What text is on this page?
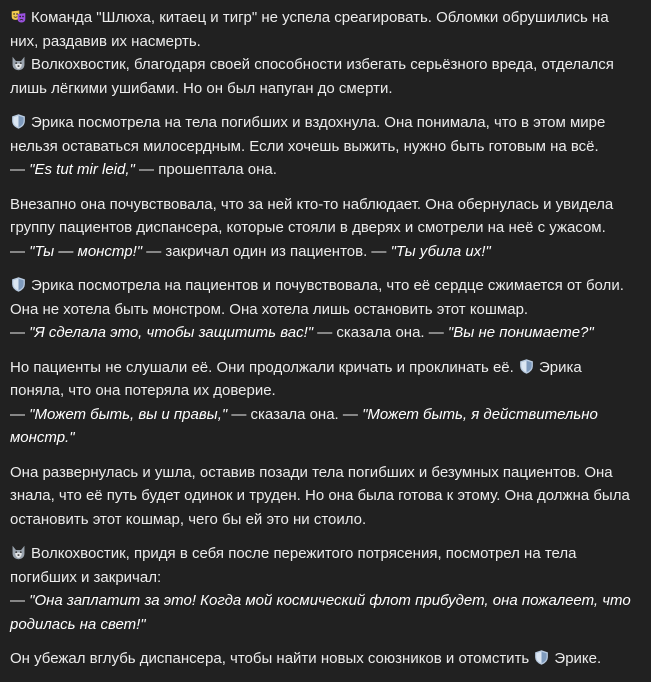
Команда "Шлюха, китаец и тигр" не успела среагировать. Обломки обрушились на
них, раздавив их насмерть.
Волкохвостик, благодаря своей способности избегать серьёзного вреда, отделался
лишь лёгкими ушибами. Но он был напуган до смерти.
Эрика посмотрела на тела погибших и вздохнула. Она понимала, что в этом мире
нельзя оставаться милосердным. Если хочешь выжить, нужно быть готовым на всё.
— "Es tut mir leid," — прошептала она.
Внезапно она почувствовала, что за ней кто-то наблюдает. Она обернулась и увидела
группу пациентов диспансера, которые стояли в дверях и смотрели на неё с ужасом.
— "Ты — монстр!" — закричал один из пациентов. — "Ты убила их!"
Эрика посмотрела на пациентов и почувствовала, что её сердце сжимается от боли.
Она не хотела быть монстром. Она хотела лишь остановить этот кошмар.
— "Я сделала это, чтобы защитить вас!" — сказала она. — "Вы не понимаете?"
Но пациенты не слушали её. Они продолжали кричать и проклинать её.
Эрика
поняла, что она потеряла их доверие.
— "Может быть, вы и правы," — сказала она. — "Может быть, я действительно монстр."
Она развернулась и ушла, оставив позади тела погибших и безумных пациентов. Она
знала, что её путь будет одинок и труден. Но она была готова к этому. Она должна была
остановить этот кошмар, чего бы ей это ни стоило.
Волкохвостик, придя в себя после пережитого потрясения, посмотрел на тела
погибших и закричал:
— "Она заплатит за это! Когда мой космический флот прибудет, она пожалеет, что
родилась на свет!"
Он убежал вглубь диспансера, чтобы найти новых союзников и отомстить
Эрике.
